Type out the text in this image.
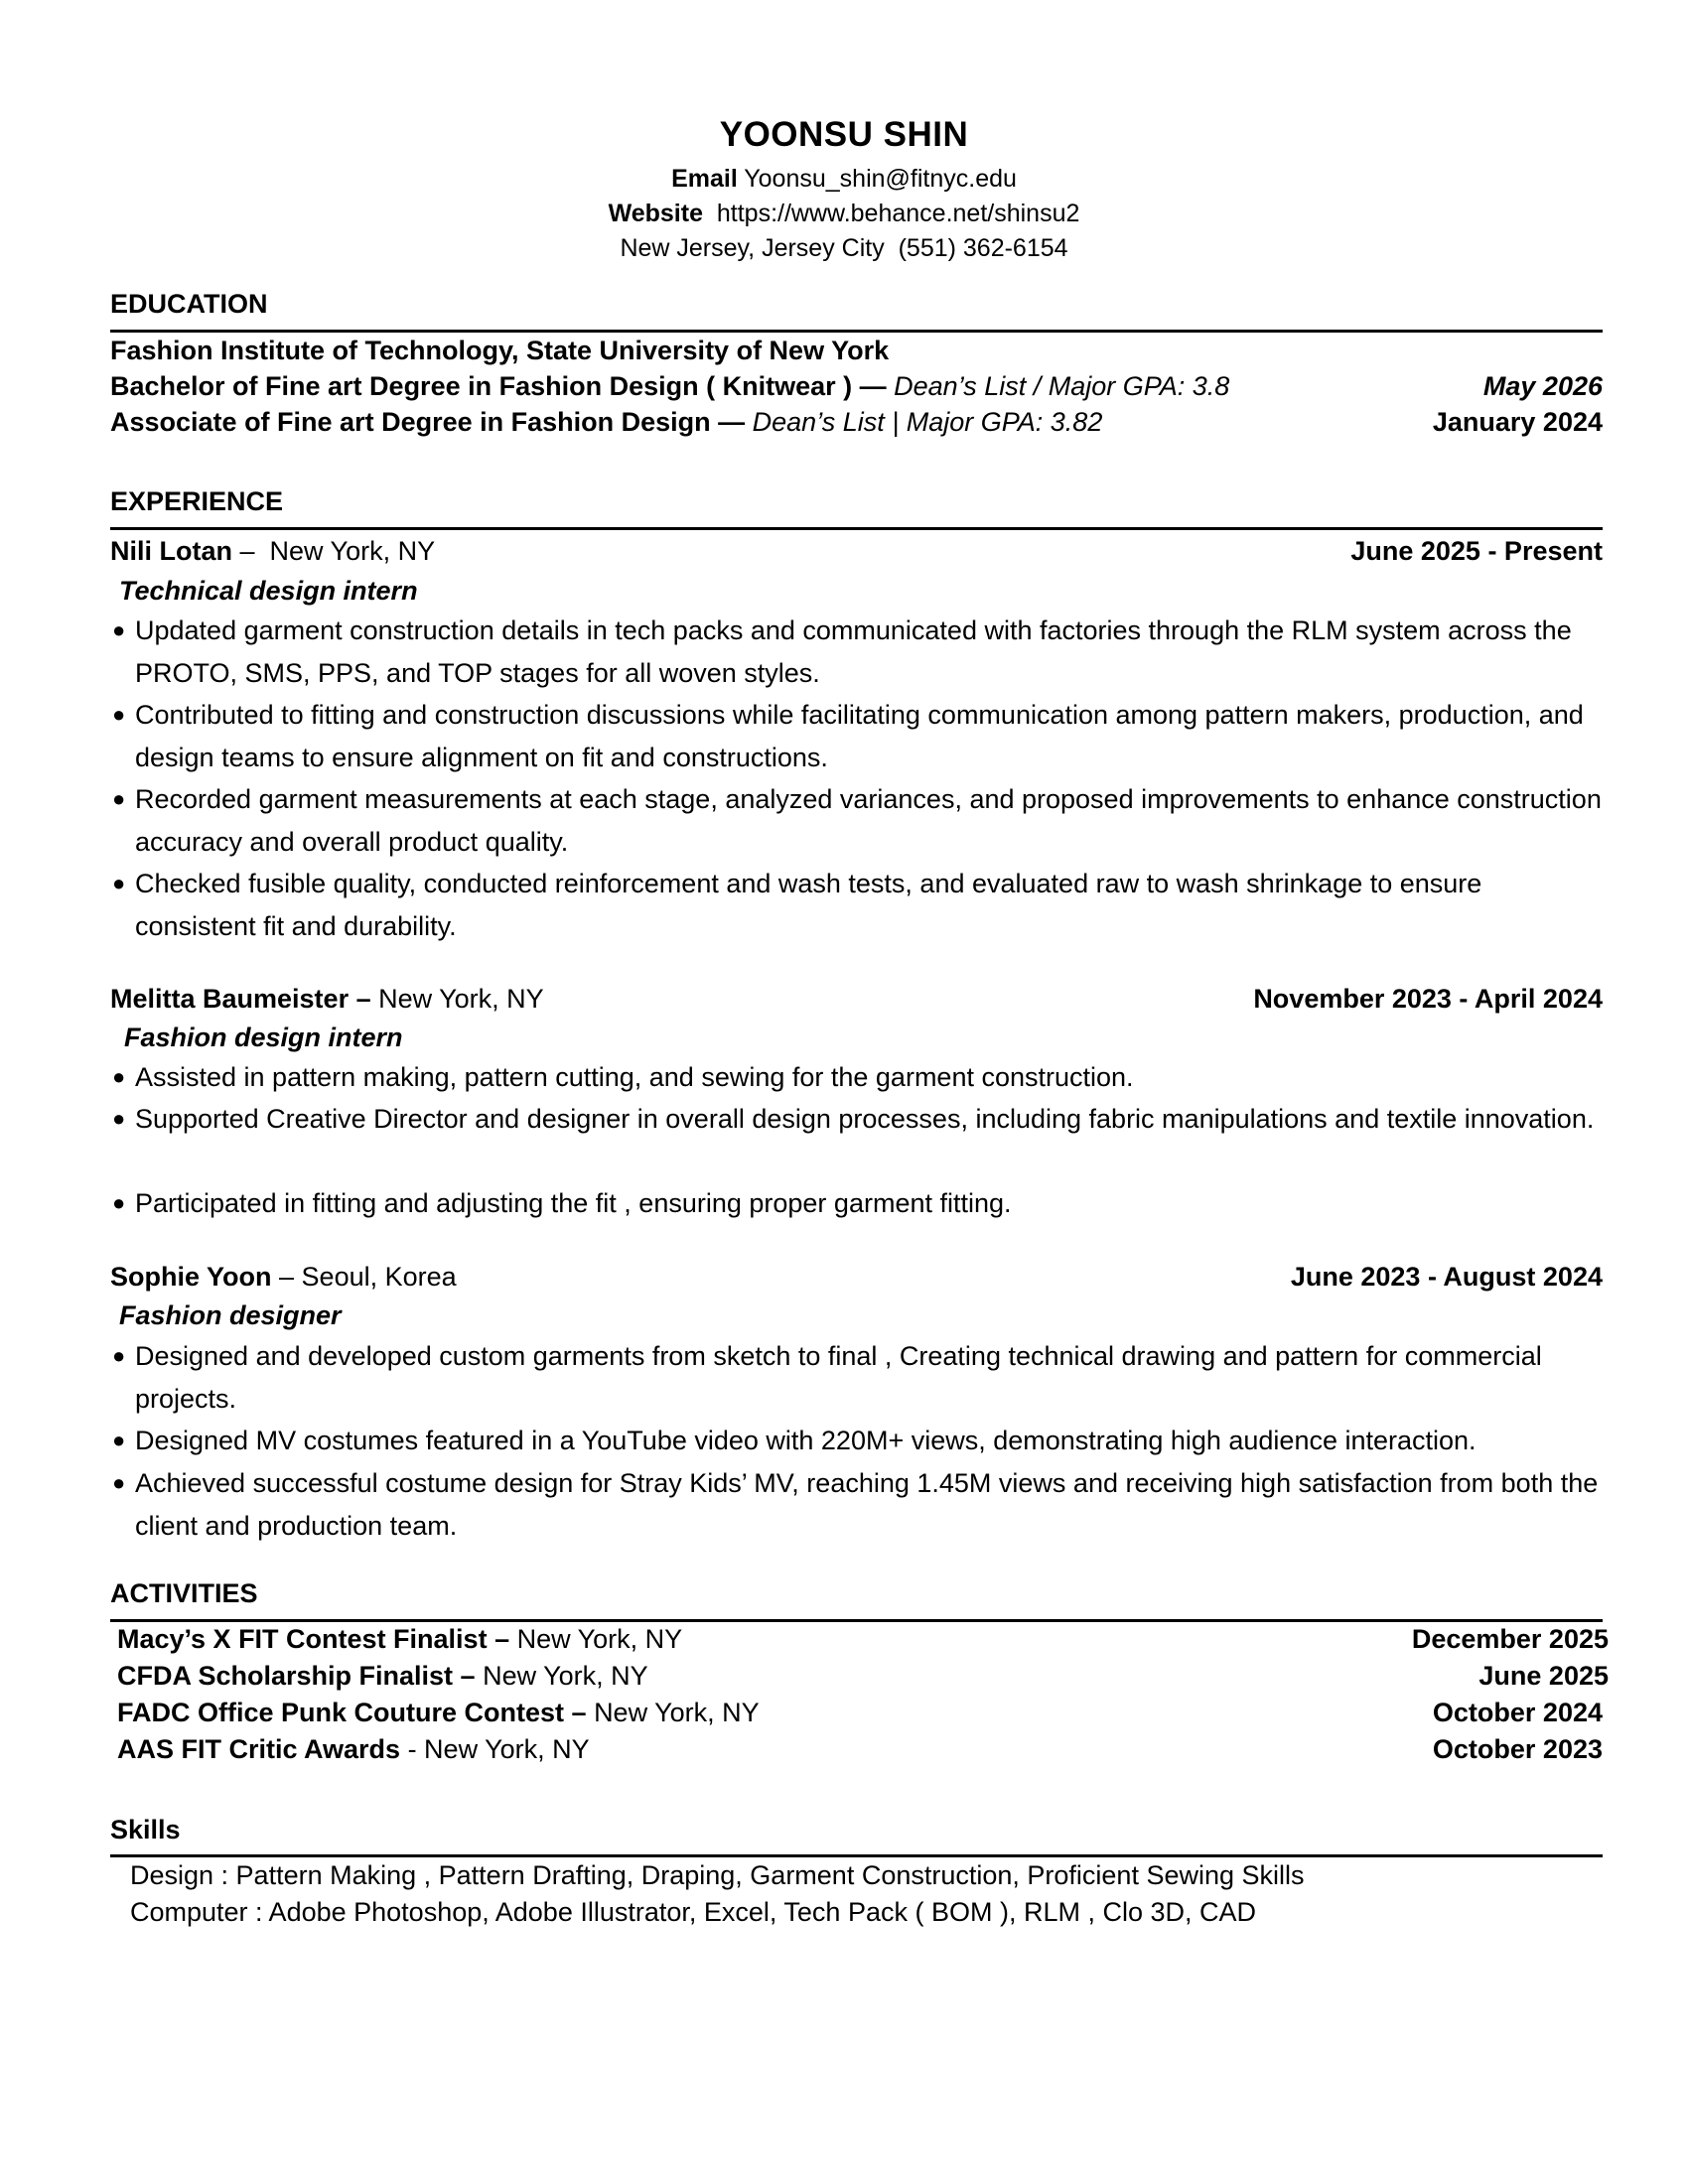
YOONSU SHIN
Email Yoonsu_shin@fitnyc.edu
Website https://www.behance.net/shinsu2
New Jersey, Jersey City  (551) 362-6154
EDUCATION
Fashion Institute of Technology, State University of New York
Bachelor of Fine art Degree in Fashion Design ( Knitwear ) — Dean’s List / Major GPA: 3.8	May 2026
Associate of Fine art Degree in Fashion Design — Dean’s List | Major GPA: 3.82	January 2024
EXPERIENCE
Nili Lotan –  New York, NY	June 2025 - Present
Technical design intern
● Updated garment construction details in tech packs and communicated with factories through the RLM system across the PROTO, SMS, PPS, and TOP stages for all woven styles.
● Contributed to fitting and construction discussions while facilitating communication among pattern makers, production, and design teams to ensure alignment on fit and constructions.
● Recorded garment measurements at each stage, analyzed variances, and proposed improvements to enhance construction accuracy and overall product quality.
● Checked fusible quality, conducted reinforcement and wash tests, and evaluated raw to wash shrinkage to ensure consistent fit and durability.
Melitta Baumeister – New York, NY	November 2023 - April 2024
Fashion design intern
● Assisted in pattern making, pattern cutting, and sewing for the garment construction.
● Supported Creative Director and designer in overall design processes, including fabric manipulations and textile innovation.
● Participated in fitting and adjusting the fit , ensuring proper garment fitting.
Sophie Yoon – Seoul, Korea	June 2023 - August 2024
Fashion designer
● Designed and developed custom garments from sketch to final , Creating technical drawing and pattern for commercial projects.
● Designed MV costumes featured in a YouTube video with 220M+ views, demonstrating high audience interaction.
● Achieved successful costume design for Stray Kids’ MV, reaching 1.45M views and receiving high satisfaction from both the client and production team.
ACTIVITIES
Macy’s X FIT Contest Finalist – New York, NY	December 2025
CFDA Scholarship Finalist – New York, NY	June 2025
FADC Office Punk Couture Contest – New York, NY	October 2024
AAS FIT Critic Awards - New York, NY	October 2023
Skills
Design : Pattern Making , Pattern Drafting, Draping, Garment Construction, Proficient Sewing Skills
Computer : Adobe Photoshop, Adobe Illustrator, Excel, Tech Pack ( BOM ), RLM , Clo 3D, CAD
